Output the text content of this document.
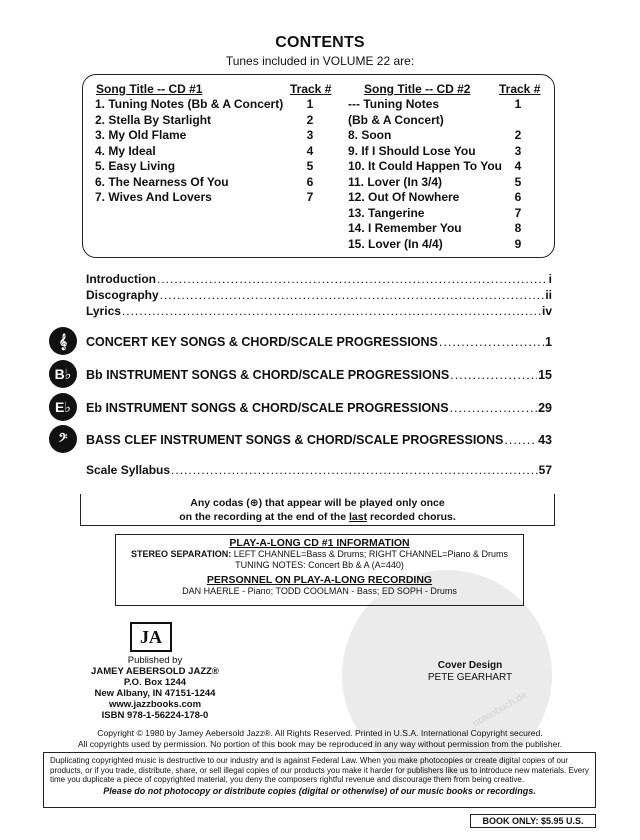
notenbuch.de
CONTENTS
Tunes included in VOLUME 22 are:
Song Title -- CD #1	Track #	Song Title -- CD #2 Track #
1. Tuning Notes (Bb & A Concert)	1
2. Stella By Starlight	2
3. My Old Flame	3
4. My Ideal	4
5. Easy Living	5
6. The Nearness Of You	6
7. Wives And Lovers	7
--- Tuning Notes	1
(Bb & A Concert)
8. Soon	2
9. If I Should Lose You	3
10. It Could Happen To You	4
11. Lover (In 3/4)	5
12. Out Of Nowhere	6
13. Tangerine	7
14. I Remember You	8
15. Lover (In 4/4)	9
Introduction .....	i
Discography .....	ii
Lyrics .....	iv
𝄞
B♭
E♭
𝄢
CONCERT KEY SONGS & CHORD/SCALE PROGRESSIONS .....	1
Bb INSTRUMENT SONGS & CHORD/SCALE PROGRESSIONS .....	15
Eb INSTRUMENT SONGS & CHORD/SCALE PROGRESSIONS .....	29
BASS CLEF INSTRUMENT SONGS & CHORD/SCALE PROGRESSIONS .....	43
Scale Syllabus .....	57
Any codas (⊕) that appear will be played only once
on the recording at the end of the last recorded chorus.
PLAY-A-LONG CD #1 INFORMATION
STEREO SEPARATION: LEFT CHANNEL=Bass & Drums; RIGHT CHANNEL=Piano & Drums
TUNING NOTES: Concert Bb & A (A=440)
PERSONNEL ON PLAY-A-LONG RECORDING
DAN HAERLE - Piano; TODD COOLMAN - Bass; ED SOPH - Drums
JA
Published by
JAMEY AEBERSOLD JAZZ®
P.O. Box 1244
New Albany, IN 47151-1244
www.jazzbooks.com
ISBN 978-1-56224-178-0
Cover Design
PETE GEARHART
Copyright © 1980 by Jamey Aebersold Jazz®. All Rights Reserved. Printed in U.S.A. International Copyright secured.
All copyrights used by permission. No portion of this book may be reproduced in any way without permission from the publisher.
Duplicating copyrighted music is destructive to our industry and is against Federal Law. When you make photocopies or create digital copies of our products, or if you trade, distribute, share, or sell illegal copies of our products you make it harder for publishers like us to introduce new materials. Every time you duplicate a piece of copyrighted material, you deny the composers rightful revenue and discourage them from being creative.
Please do not photocopy or distribute copies (digital or otherwise) of our music books or recordings.
BOOK ONLY: $5.95 U.S.
